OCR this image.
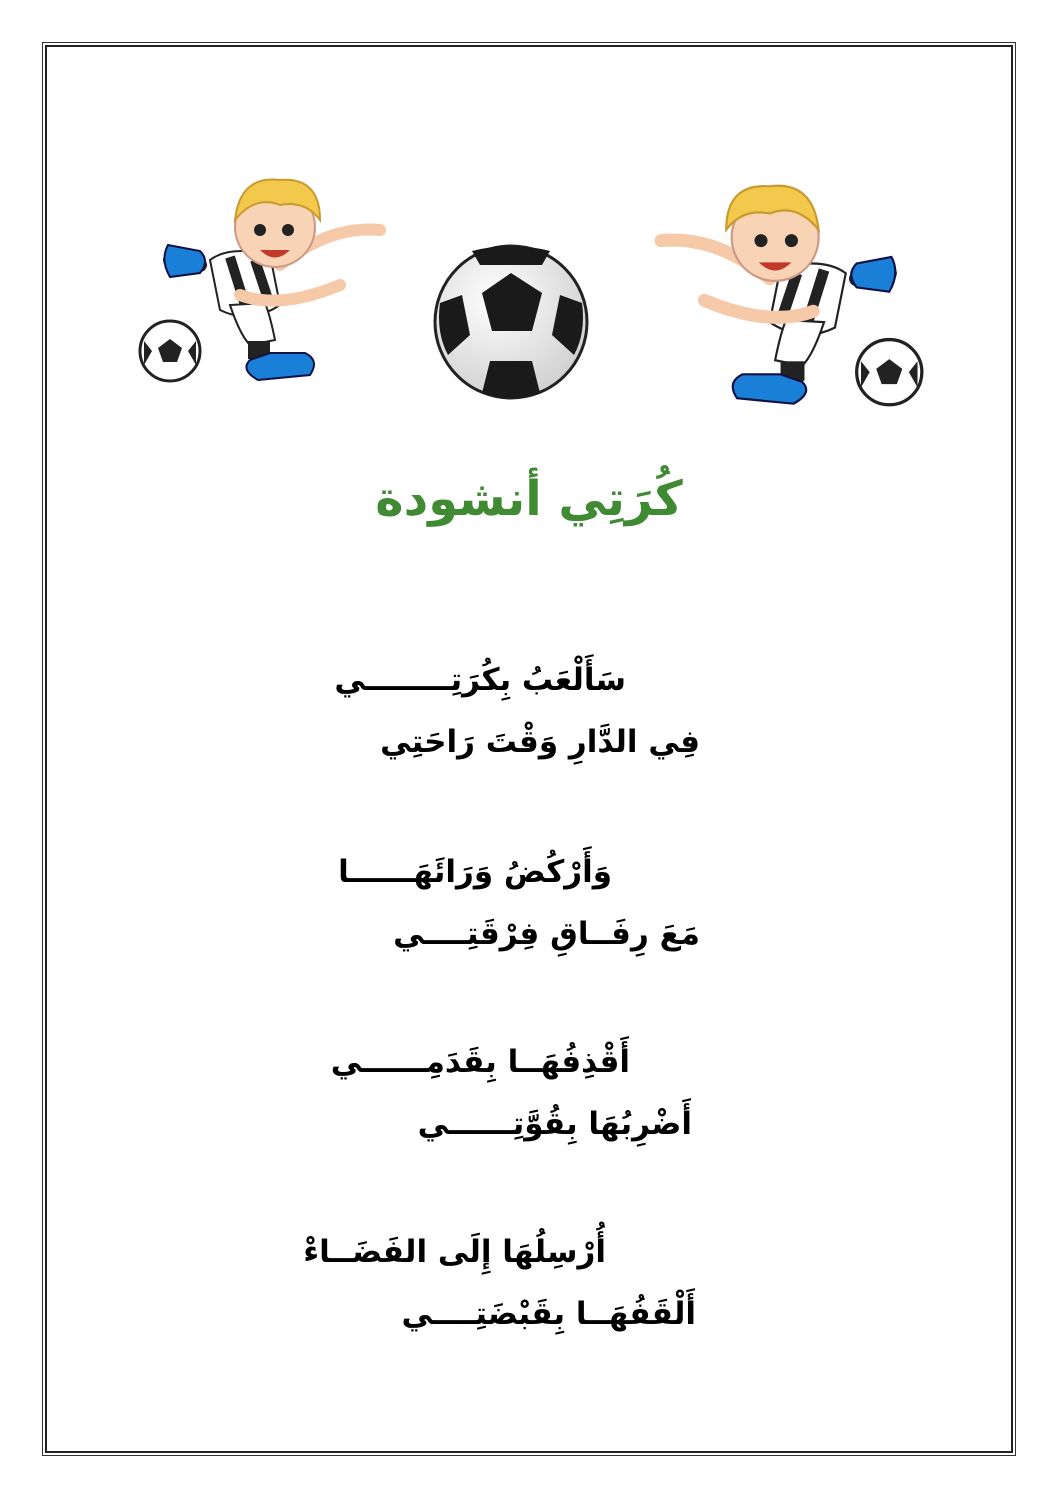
كُرَتِي أنشودة
سَأَلْعَبُ بِكُرَتِــــــــي
فِي الدَّارِ وَقْتَ رَاحَتِي
وَأَرْكُضُ وَرَائَهَــــــا
مَعَ رِفَــاقِ فِرْقَتِــــي
أَقْذِفُهَــا بِقَدَمِــــــي
أَضْرِبُهَا بِقُوَّتِــــــي
أُرْسِلُهَا إِلَى الفَضَــاءْ
أَلْقَفُهَــا بِقَبْضَتِــــي
